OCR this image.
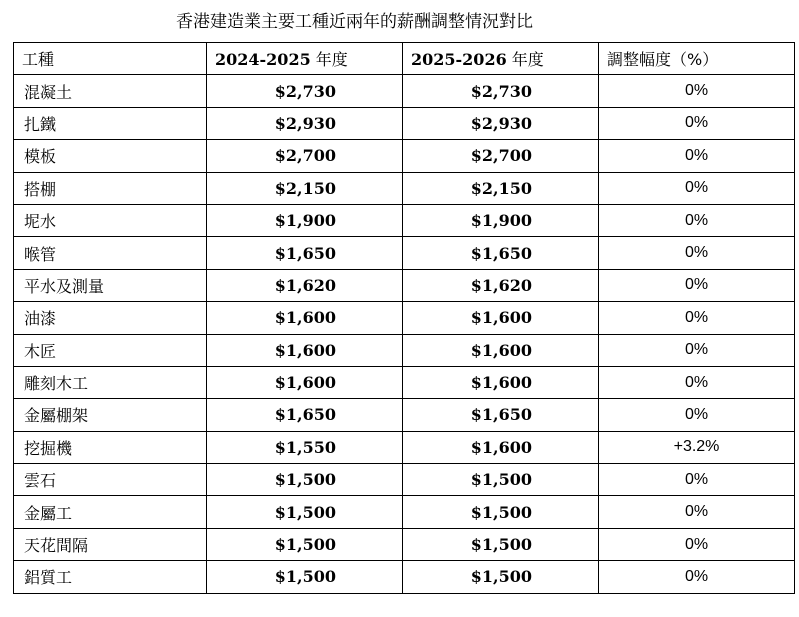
香港建造業主要工種近兩年的薪酬調整情況對比
工種	2024-2025 年度	2025-2026 年度	調整幅度（%）
混凝土	$2,730	$2,730	0%
扎鐵	$2,930	$2,930	0%
模板	$2,700	$2,700	0%
搭棚	$2,150	$2,150	0%
坭水	$1,900	$1,900	0%
喉管	$1,650	$1,650	0%
平水及測量	$1,620	$1,620	0%
油漆	$1,600	$1,600	0%
木匠	$1,600	$1,600	0%
雕刻木工	$1,600	$1,600	0%
金屬棚架	$1,650	$1,650	0%
挖掘機	$1,550	$1,600	+3.2%
雲石	$1,500	$1,500	0%
金屬工	$1,500	$1,500	0%
天花間隔	$1,500	$1,500	0%
鋁質工	$1,500	$1,500	0%
